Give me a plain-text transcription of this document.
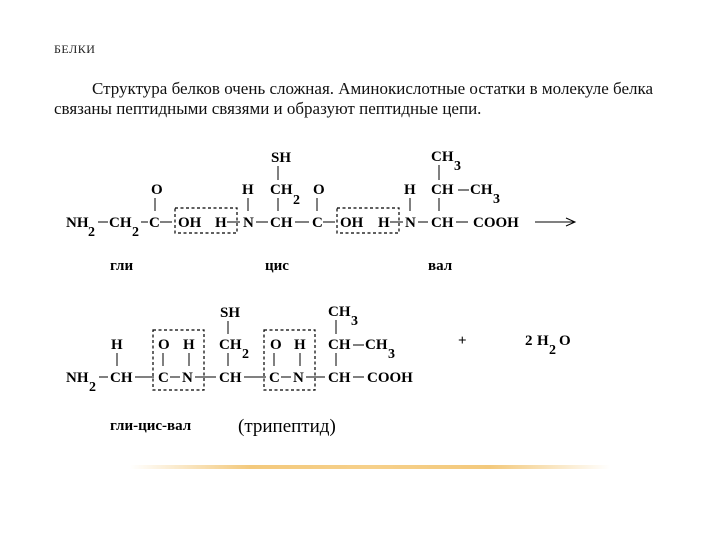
БЕЛКИ
Структура белков очень сложная. Аминокислотные остатки в молекуле белка связаны пептидными связями и образуют пептидные цепи.
NH
2
CH
2
C OH H N CH C OH H N CH COOH
O	H
SH
CH
2
O	H
CH
3
CH CH
3
гли	цис	вал
NH
2
CH C N CH C N CH COOH
H O H
SH
CH
2
O H
CH
3
CH CH
3
+	2 H
2
O
гли-цис-вал (трипептид)
